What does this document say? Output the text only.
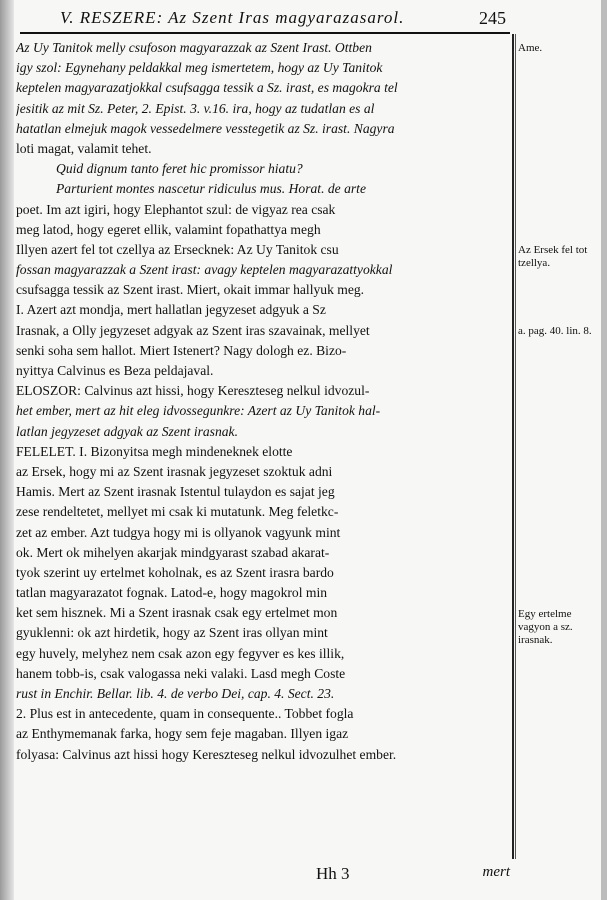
V. RESZERE: Az Szent Iras magyarazasarol.	245
Az Uy Tanitok melly csufoson magyarazzak az Szent Irast. Ottben
igy szol: Egynehany peldakkal meg ismertetem, hogy az Uy Tanitok
keptelen magyarazatjokkal csufsagga tessik a Sz. irast, es magokra tel
jesitik az mit Sz. Peter, 2. Epist. 3. v.16. ira, hogy az tudatlan es al
hatatlan elmejuk magok vessedelmere vesstegetik az Sz. irast. Nagyra
loti magat, valamit tehet.
Quid dignum tanto feret hic promissor hiatu?
Parturient montes nascetur ridiculus mus. Horat. de arte
poet. Im azt igiri, hogy Elephantot szul: de vigyaz rea csak
meg latod, hogy egeret ellik, valamint fopathattya megh
Illyen azert fel tot czellya az Ersecknek: Az Uy Tanitok csu
fossan magyarazzak a Szent irast: avagy keptelen magyarazattyokkal
csufsagga tessik az Szent irast. Miert, okait immar hallyuk meg.
I. Azert azt mondja, mert hallatlan jegyzeset adgyuk a Sz
Irasnak, a Olly jegyzeset adgyak az Szent iras szavainak, mellyet
senki soha sem hallot. Miert Istenert? Nagy dologh ez. Bizo-
nyittya Calvinus es Beza peldajaval.
ELOSZOR: Calvinus azt hissi, hogy Kereszteseg nelkul idvozul-
het ember, mert az hit eleg idvossegunkre: Azert az Uy Tanitok hal-
latlan jegyzeset adgyak az Szent irasnak.
FELELET. I. Bizonyitsa megh mindeneknek elotte
az Ersek, hogy mi az Szent irasnak jegyzeset szoktuk adni
Hamis. Mert az Szent irasnak Istentul tulaydon es sajat jeg
zese rendeltetet, mellyet mi csak ki mutatunk. Meg feletkc-
zet az ember. Azt tudgya hogy mi is ollyanok vagyunk mint
ok. Mert ok mihelyen akarjak mindgyarast szabad akarat-
tyok szerint uy ertelmet koholnak, es az Szent irasra bardo
tatlan magyarazatot fognak. Latod-e, hogy magokrol min
ket sem hisznek. Mi a Szent irasnak csak egy ertelmet mon
gyuklenni: ok azt hirdetik, hogy az Szent iras ollyan mint
egy huvely, melyhez nem csak azon egy fegyver es kes illik,
hanem tobb-is, csak valogassa neki valaki. Lasd megh Coste
rust in Enchir. Bellar. lib. 4. de verbo Dei, cap. 4. Sect. 23.
2. Plus est in antecedente, quam in consequente.. Tobbet fogla
az Enthymemanak farka, hogy sem feje magaban. Illyen igaz
folyasa: Calvinus azt hissi hogy Kereszteseg nelkul idvozulhet ember.
Ame.
Az Ersek fel tot tzellya.
a. pag. 40. lin. 8.
Egy ertelme vagyon a sz. irasnak.
Hh 3	mert
